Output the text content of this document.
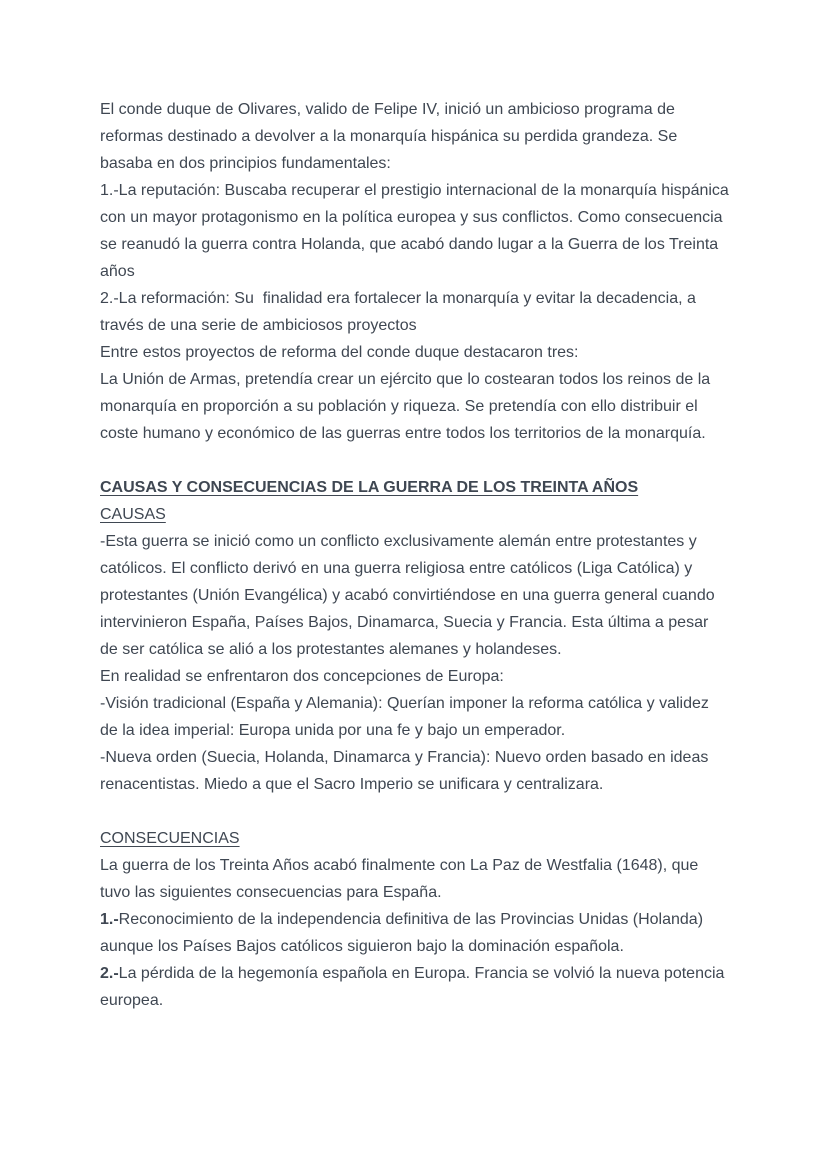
El conde duque de Olivares, valido de Felipe IV, inició un ambicioso programa de reformas destinado a devolver a la monarquía hispánica su perdida grandeza. Se basaba en dos principios fundamentales:

1.-La reputación: Buscaba recuperar el prestigio internacional de la monarquía hispánica con un mayor protagonismo en la política europea y sus conflictos. Como consecuencia se reanudó la guerra contra Holanda, que acabó dando lugar a la Guerra de los Treinta años

2.-La reformación: Su  finalidad era fortalecer la monarquía y evitar la decadencia, a través de una serie de ambiciosos proyectos

Entre estos proyectos de reforma del conde duque destacaron tres:

La Unión de Armas, pretendía crear un ejército que lo costearan todos los reinos de la monarquía en proporción a su población y riqueza. Se pretendía con ello distribuir el coste humano y económico de las guerras entre todos los territorios de la monarquía.

CAUSAS Y CONSECUENCIAS DE LA GUERRA DE LOS TREINTA AÑOS
CAUSAS

-Esta guerra se inició como un conflicto exclusivamente alemán entre protestantes y católicos. El conflicto derivó en una guerra religiosa entre católicos (Liga Católica) y protestantes (Unión Evangélica) y acabó convirtiéndose en una guerra general cuando intervinieron España, Países Bajos, Dinamarca, Suecia y Francia. Esta última a pesar de ser católica se alió a los protestantes alemanes y holandeses.

En realidad se enfrentaron dos concepciones de Europa:

-Visión tradicional (España y Alemania): Querían imponer la reforma católica y validez de la idea imperial: Europa unida por una fe y bajo un emperador.

-Nueva orden (Suecia, Holanda, Dinamarca y Francia): Nuevo orden basado en ideas renacentistas. Miedo a que el Sacro Imperio se unificara y centralizara.

CONSECUENCIAS

La guerra de los Treinta Años acabó finalmente con La Paz de Westfalia (1648), que tuvo las siguientes consecuencias para España.

1.-Reconocimiento de la independencia definitiva de las Provincias Unidas (Holanda) aunque los Países Bajos católicos siguieron bajo la dominación española.

2.-La pérdida de la hegemonía española en Europa. Francia se volvió la nueva potencia europea.
